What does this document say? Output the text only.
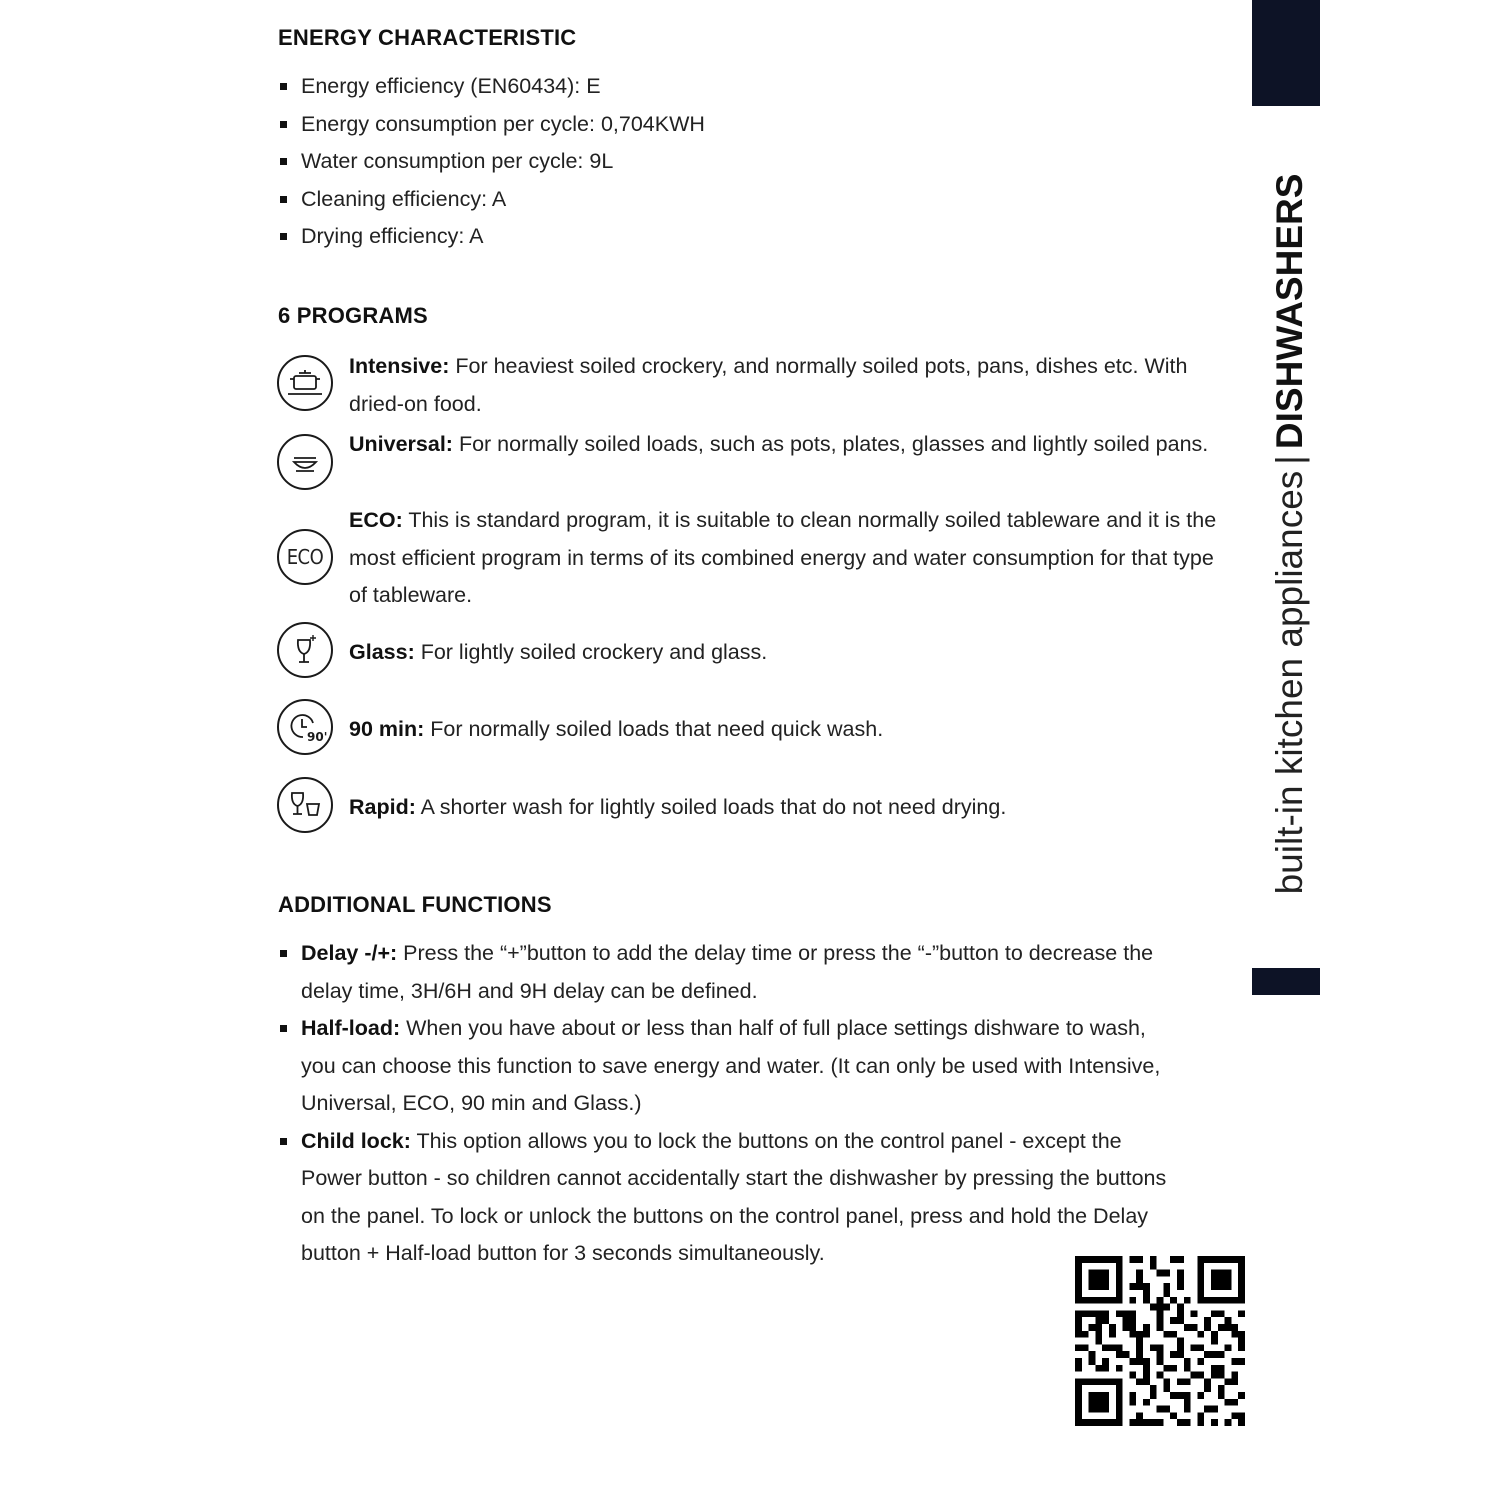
built-in kitchen appliances|DISHWASHERS
ENERGY CHARACTERISTIC
Energy efficiency (EN60434): E
Energy consumption per cycle: 0,704KWH
Water consumption per cycle: 9L
Cleaning efficiency: A
Drying efficiency: A
6 PROGRAMS

Intensive: For heaviest soiled crockery, and normally soiled pots, pans, dishes etc. With dried-on food.

Universal: For normally soiled loads, such as pots, plates, glasses and lightly soiled pans.

ECO

ECO: This is standard program, it is suitable to clean normally soiled tableware and it is the most efficient program in terms of its combined energy and water consumption for that type of tableware.

Glass: For lightly soiled crockery and glass.

90' 90 min: For normally soiled loads that need quick wash.

Rapid: A shorter wash for lightly soiled loads that do not need drying.

ADDITIONAL FUNCTIONS
Delay -/+: Press the “+”button to add the delay time or press the “-”button to decrease the delay time, 3H/6H and 9H delay can be defined.
Half-load: When you have about or less than half of full place settings dishware to wash, you can choose this function to save energy and water. (It can only be used with Intensive, Universal, ECO, 90 min and Glass.)
Child lock: This option allows you to lock the buttons on the control panel - except the Power button - so children cannot accidentally start the dishwasher by pressing the buttons on the panel. To lock or unlock the buttons on the control panel, press and hold the Delay button + Half-load button for 3 seconds simultaneously.
